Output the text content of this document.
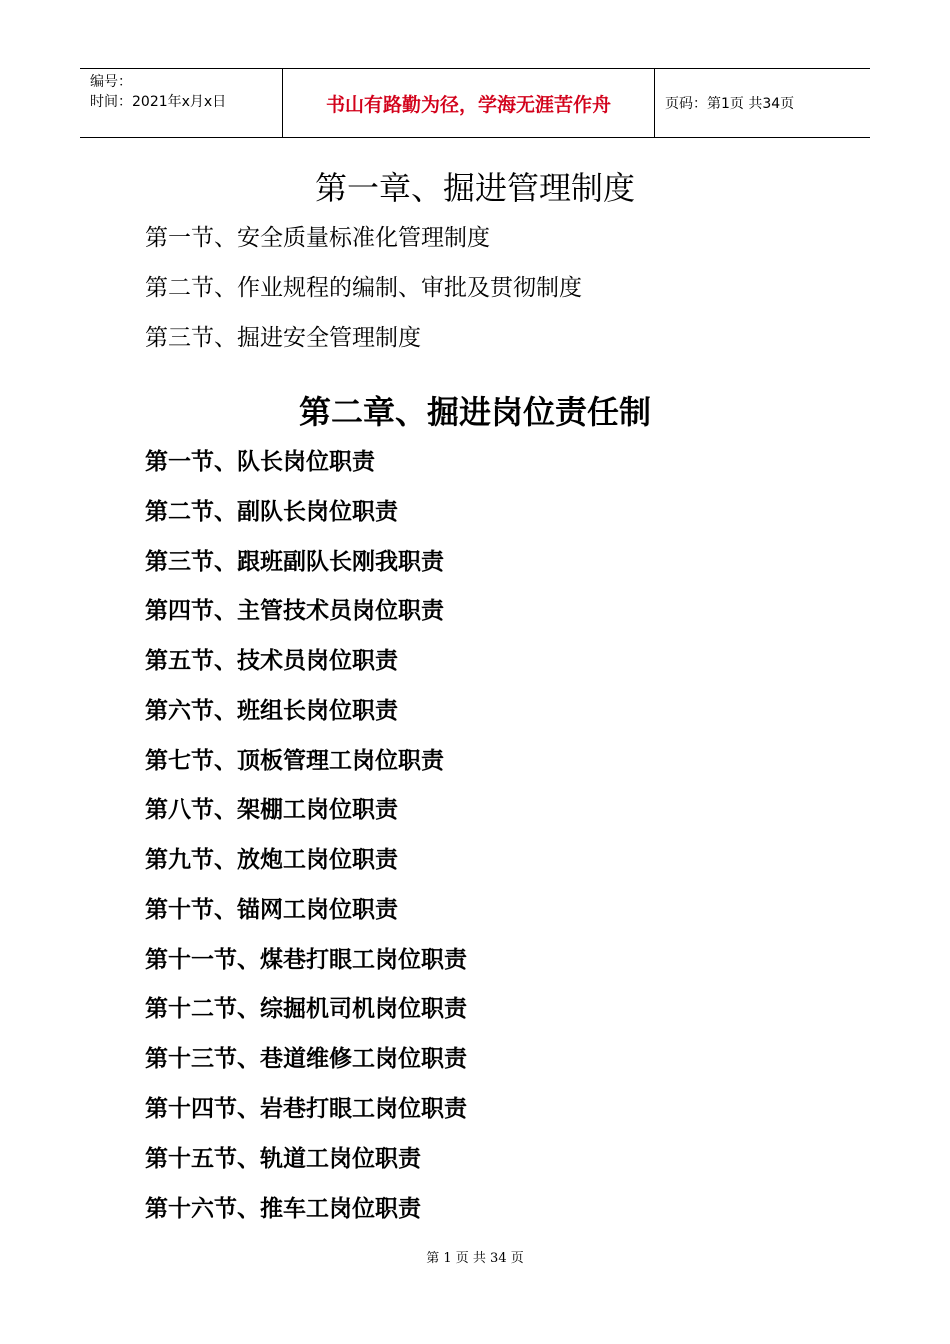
编号：
时间：2021年x月x日	书山有路勤为径，学海无涯苦作舟	页码：第1页 共34页
第一章、掘进管理制度
第一节、安全质量标准化管理制度
第二节、作业规程的编制、审批及贯彻制度
第三节、掘进安全管理制度
第二章、掘进岗位责任制
第一节、队长岗位职责
第二节、副队长岗位职责
第三节、跟班副队长刚我职责
第四节、主管技术员岗位职责
第五节、技术员岗位职责
第六节、班组长岗位职责
第七节、顶板管理工岗位职责
第八节、架棚工岗位职责
第九节、放炮工岗位职责
第十节、锚网工岗位职责
第十一节、煤巷打眼工岗位职责
第十二节、综掘机司机岗位职责
第十三节、巷道维修工岗位职责
第十四节、岩巷打眼工岗位职责
第十五节、轨道工岗位职责
第十六节、推车工岗位职责
第 1 页 共 34 页
